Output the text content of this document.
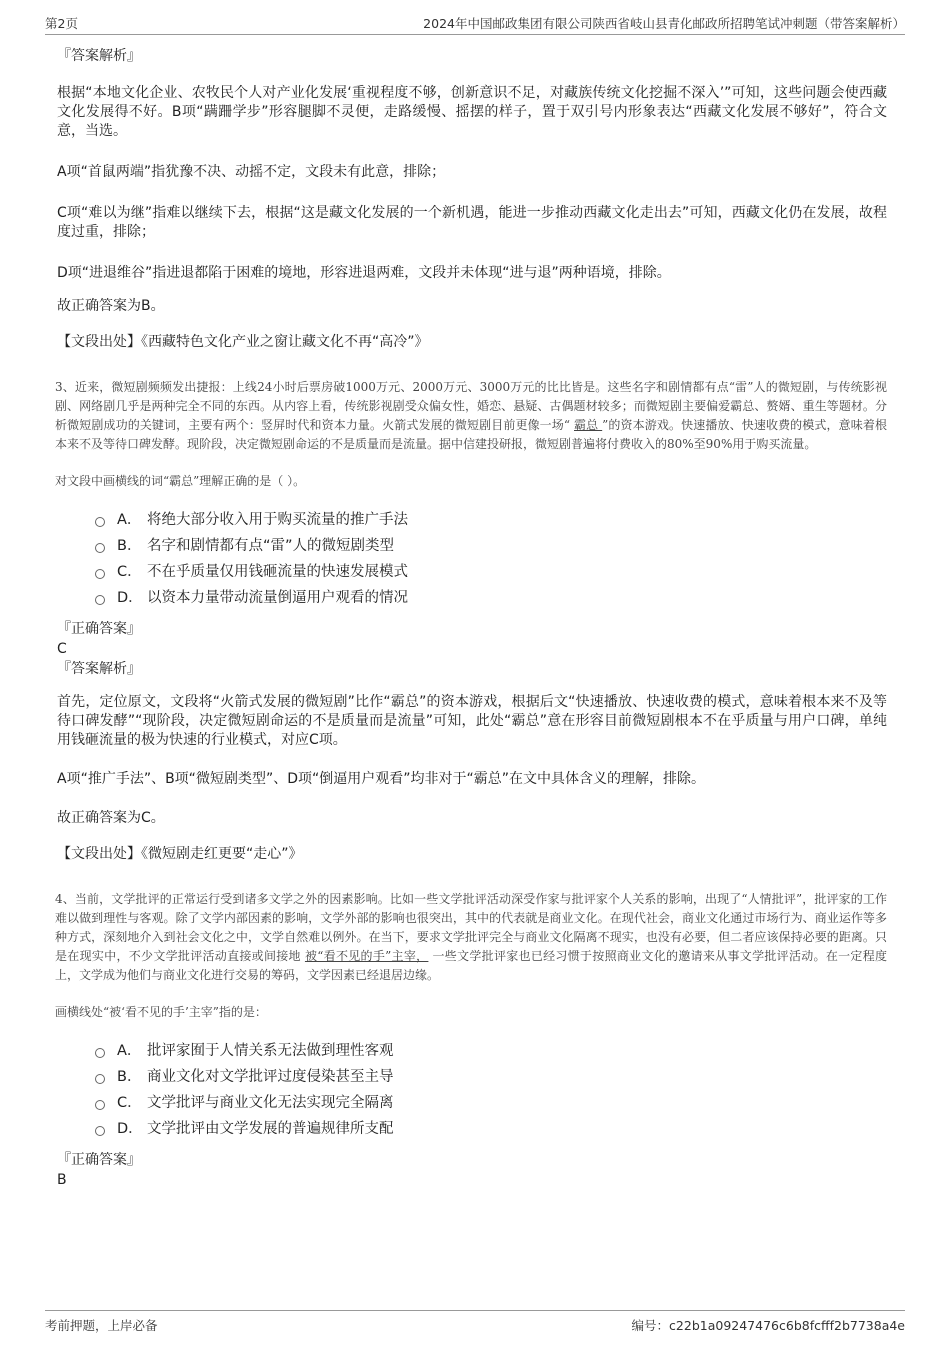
第2页	2024年中国邮政集团有限公司陕西省岐山县青化邮政所招聘笔试冲刺题（带答案解析）
『答案解析』

根据“本地文化企业、农牧民个人对产业化发展‘重视程度不够，创新意识不足，对藏族传统文化挖掘不深入’”可知，这些问题会使西藏文化发展得不好。B项“蹒跚学步”形容腿脚不灵便，走路缓慢、摇摆的样子，置于双引号内形象表达“西藏文化发展不够好”，符合文意，当选。

A项“首鼠两端”指犹豫不决、动摇不定，文段未有此意，排除；

C项“难以为继”指难以继续下去，根据“这是藏文化发展的一个新机遇，能进一步推动西藏文化走出去”可知，西藏文化仍在发展，故程度过重，排除；

D项“进退维谷”指进退都陷于困难的境地，形容进退两难，文段并未体现“进与退”两种语境，排除。

故正确答案为B。

【文段出处】《西藏特色文化产业之窗让藏文化不再“高冷”》

3、近来，微短剧频频发出捷报：上线24小时后票房破1000万元、2000万元、3000万元的比比皆是。这些名字和剧情都有点“雷”人的微短剧，与传统影视剧、网络剧几乎是两种完全不同的东西。从内容上看，传统影视剧受众偏女性，婚恋、悬疑、古偶题材较多；而微短剧主要偏爱霸总、赘婿、重生等题材。分析微短剧成功的关键词，主要有两个：竖屏时代和资本力量。火箭式发展的微短剧目前更像一场“ 霸总 ”的资本游戏。快速播放、快速收费的模式，意味着根本来不及等待口碑发酵。现阶段，决定微短剧命运的不是质量而是流量。据中信建投研报，微短剧普遍将付费收入的80%至90%用于购买流量。

对文段中画横线的词“霸总”理解正确的是（ ）。

A． 将绝大部分收入用于购买流量的推广手法
B． 名字和剧情都有点“雷”人的微短剧类型
C． 不在乎质量仅用钱砸流量的快速发展模式
D． 以资本力量带动流量倒逼用户观看的情况
『正确答案』
C
『答案解析』

首先，定位原文，文段将“火箭式发展的微短剧”比作“霸总”的资本游戏，根据后文“快速播放、快速收费的模式，意味着根本来不及等待口碑发酵”“现阶段，决定微短剧命运的不是质量而是流量”可知，此处“霸总”意在形容目前微短剧根本不在乎质量与用户口碑，单纯用钱砸流量的极为快速的行业模式，对应C项。

A项“推广手法”、B项“微短剧类型”、D项“倒逼用户观看”均非对于“霸总”在文中具体含义的理解，排除。

故正确答案为C。

【文段出处】《微短剧走红更要“走心”》

4、当前，文学批评的正常运行受到诸多文学之外的因素影响。比如一些文学批评活动深受作家与批评家个人关系的影响，出现了“人情批评”，批评家的工作难以做到理性与客观。除了文学内部因素的影响，文学外部的影响也很突出，其中的代表就是商业文化。在现代社会，商业文化通过市场行为、商业运作等多种方式，深刻地介入到社会文化之中，文学自然难以例外。在当下，要求文学批评完全与商业文化隔离不现实，也没有必要，但二者应该保持必要的距离。只是在现实中，不少文学批评活动直接或间接地 被“看不见的手”主宰， 一些文学批评家也已经习惯于按照商业文化的邀请来从事文学批评活动。在一定程度上，文学成为他们与商业文化进行交易的筹码，文学因素已经退居边缘。

画横线处“被‘看不见的手’主宰”指的是：

A． 批评家囿于人情关系无法做到理性客观
B． 商业文化对文学批评过度侵染甚至主导
C． 文学批评与商业文化无法实现完全隔离
D． 文学批评由文学发展的普遍规律所支配
『正确答案』
B
考前押题，上岸必备	编号：c22b1a09247476c6b8fcfff2b7738a4e
